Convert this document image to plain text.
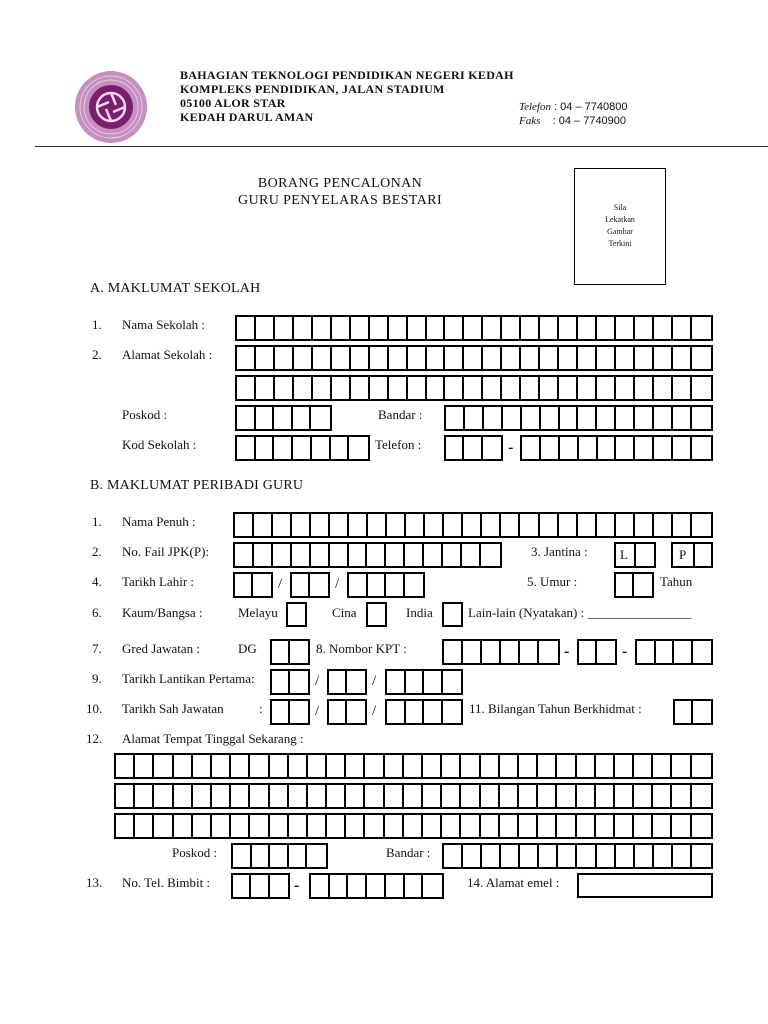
BAHAGIAN TEKNOLOGI PENDIDIKAN NEGERI KEDAH
KOMPLEKS PENDIDIKAN, JALAN STADIUM
05100 ALOR STAR
KEDAH DARUL AMAN
Telefon : 04 – 7740800
Faks : 04 – 7740900
BORANG PENCALONAN
GURU PENYELARAS BESTARI	Sila
Lekatkan
Gambar
Terkini
A. MAKLUMAT SEKOLAH
1. Nama Sekolah :
2. Alamat Sekolah :
Poskod :	Bandar :
Kod Sekolah :	Telefon :	-
B. MAKLUMAT PERIBADI GURU
1. Nama Penuh :
2. No. Fail JPK(P):	3. Jantina : L	P
4. Tarikh Lahir :	/	/	5. Umur :	Tahun
6. Kaum/Bangsa :	Melayu	Cina	India	Lain-lain (Nyatakan) : ________________
7. Gred Jawatan :	DG	8. Nombor KPT :	-	-
9. Tarikh Lantikan Pertama:	/	/
10. Tarikh Sah Jawatan	:	/	/	11. Bilangan Tahun Berkhidmat :
12. Alamat Tempat Tinggal Sekarang :
Poskod :	Bandar :
13. No. Tel. Bimbit :	-	14. Alamat emel :
